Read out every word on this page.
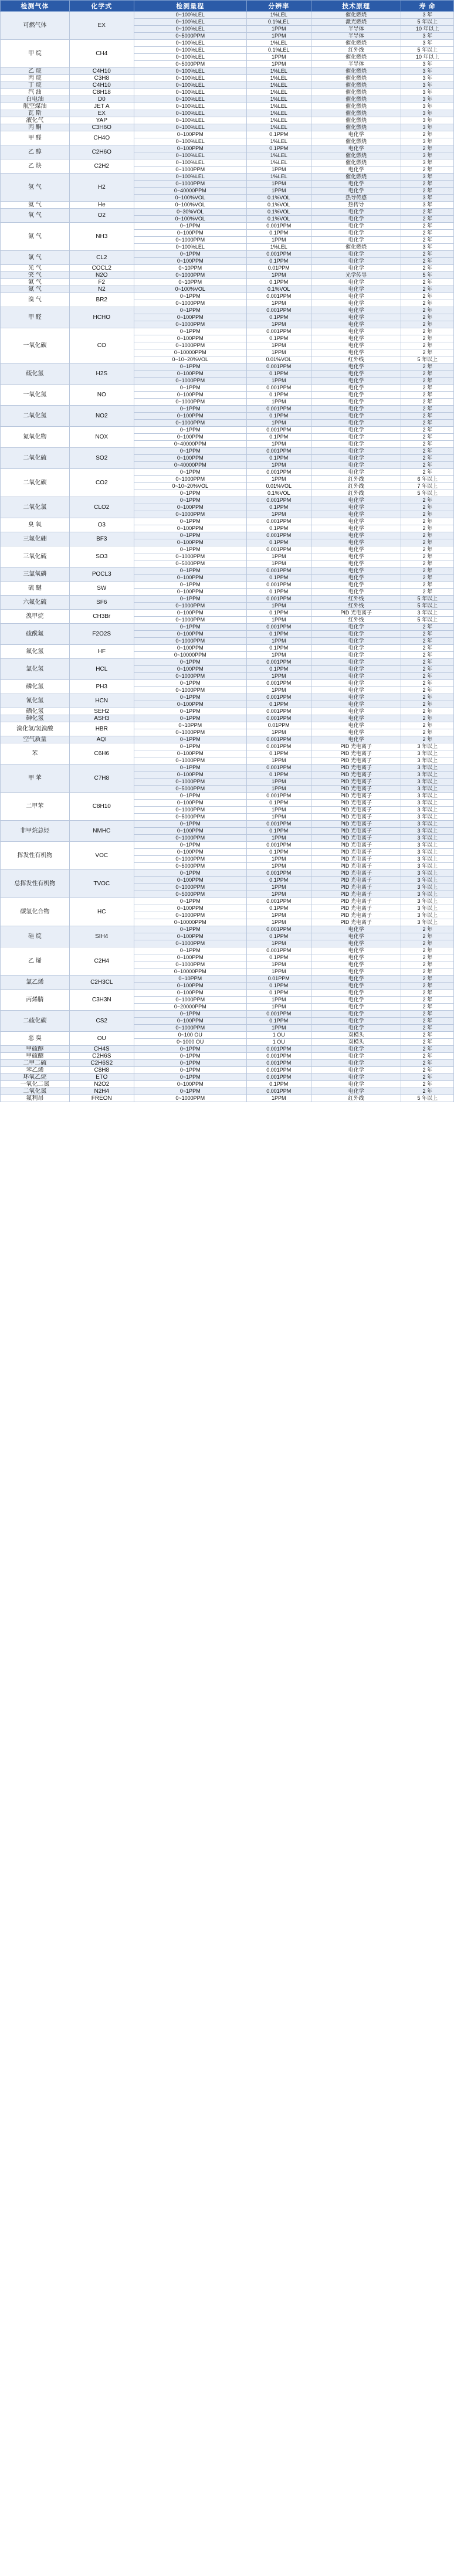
检测气体	化学式	检测量程	分辨率	技术原理	寿 命
可燃气体	EX	0~100%LEL	1%LEL	催化燃烧	3 年
		0~100%LEL	0.1%LEL	激光燃烧	5 年以上
		0~100%LEL	1PPM	半导体	10 年以上
		0~5000PPM	1PPM	半导体	3 年
甲 烷	CH4	0~100%LEL	1%LEL	催化燃烧	3 年
		0~100%LEL	0.1%LEL	红外线	5 年以上
		0~100%LEL	1PPM	催化燃烧	10 年以上
		0~5000PPM	1PPM	半导体	3 年
乙 烷	C4H10	0~100%LEL	1%LEL	催化燃烧	3 年
丙 烷	C3H8	0~100%LEL	1%LEL	催化燃烧	3 年
丁 烷	C4H10	0~100%LEL	1%LEL	催化燃烧	3 年
汽 油	C8H18	0~100%LEL	1%LEL	催化燃烧	3 年
白电油	D0	0~100%LEL	1%LEL	催化燃烧	3 年
航空煤油	JET A	0~100%LEL	1%LEL	催化燃烧	3 年
瓦 斯	EX	0~100%LEL	1%LEL	催化燃烧	3 年
液化气	YAP	0~100%LEL	1%LEL	催化燃烧	3 年
丙 酮	C3H6O	0~100%LEL	1%LEL	催化燃烧	3 年
甲 醛	CH4O	0~100PPM	0.1PPM	电化学	2 年
		0~100%LEL	1%LEL	催化燃烧	3 年
乙 醇	C2H6O	0~100PPM	0.1PPM	电化学	2 年
		0~100%LEL	1%LEL	催化燃烧	3 年
乙 炔	C2H2	0~100%LEL	1%LEL	催化燃烧	3 年
		0~1000PPM	1PPM	电化学	2 年
氢 气	H2	0~100%LEL	1%LEL	催化燃烧	3 年
		0~1000PPM	1PPM	电化学	2 年
		0~40000PPM	1PPM	电化学	2 年
		0~100%VOL	0.1%VOL	热导传感	3 年
氦 气	He	0~100%VOL	0.1%VOL	热传导	3 年
氧 气	O2	0~30%VOL	0.1%VOL	电化学	2 年
		0~100%VOL	0.1%VOL	电化学	2 年
氨 气	NH3	0~1PPM	0.001PPM	电化学	2 年
		0~100PPM	0.1PPM	电化学	2 年
		0~1000PPM	1PPM	电化学	2 年
		0~100%LEL	1%LEL	催化燃烧	3 年
氯 气	CL2	0~1PPM	0.001PPM	电化学	2 年
		0~100PPM	0.1PPM	电化学	2 年
光 气	COCL2	0~10PPM	0.01PPM	电化学	2 年
笑 气	N2O	0~1000PPM	1PPM	光学传导	5 年
氟 气	F2	0~10PPM	0.1PPM	电化学	2 年
氮 气	N2	0~100%VOL	0.1%VOL	电化学	2 年
溴 气	BR2	0~1PPM	0.001PPM	电化学	2 年
		0~1000PPM	1PPM	电化学	2 年
甲 醛	HCHO	0~1PPM	0.001PPM	电化学	2 年
		0~100PPM	0.1PPM	电化学	2 年
		0~1000PPM	1PPM	电化学	2 年
一氧化碳	CO	0~1PPM	0.001PPM	电化学	2 年
		0~100PPM	0.1PPM	电化学	2 年
		0~1000PPM	1PPM	电化学	2 年
		0~10000PPM	1PPM	电化学	2 年
		0~10~20%VOL	0.01%VOL	红外线	5 年以上
硫化氢	H2S	0~1PPM	0.001PPM	电化学	2 年
		0~100PPM	0.1PPM	电化学	2 年
		0~1000PPM	1PPM	电化学	2 年
一氧化氮	NO	0~1PPM	0.001PPM	电化学	2 年
		0~100PPM	0.1PPM	电化学	2 年
		0~1000PPM	1PPM	电化学	2 年
二氧化氮	NO2	0~1PPM	0.001PPM	电化学	2 年
		0~100PPM	0.1PPM	电化学	2 年
		0~1000PPM	1PPM	电化学	2 年
氮氧化物	NOX	0~1PPM	0.001PPM	电化学	2 年
		0~100PPM	0.1PPM	电化学	2 年
		0~40000PPM	1PPM	电化学	2 年
二氧化硫	SO2	0~1PPM	0.001PPM	电化学	2 年
		0~100PPM	0.1PPM	电化学	2 年
		0~40000PPM	1PPM	电化学	2 年
二氧化碳	CO2	0~1PPM	0.001PPM	电化学	2 年
		0~1000PPM	1PPM	红外线	6 年以上
		0~10~20%VOL	0.01%VOL	红外线	7 年以上
		0~1PPM	0.1%VOL	红外线	5 年以上
二氧化氯	CLO2	0~1PPM	0.001PPM	电化学	2 年
		0~100PPM	0.1PPM	电化学	2 年
		0~1000PPM	1PPM	电化学	2 年
臭 氧	O3	0~1PPM	0.001PPM	电化学	2 年
		0~100PPM	0.1PPM	电化学	2 年
三氟化硼	BF3	0~1PPM	0.001PPM	电化学	2 年
		0~100PPM	0.1PPM	电化学	2 年
三氧化硫	SO3	0~1PPM	0.001PPM	电化学	2 年
		0~1000PPM	1PPM	电化学	2 年
		0~5000PPM	1PPM	电化学	2 年
三氯氧磷	POCL3	0~1PPM	0.001PPM	电化学	2 年
		0~100PPM	0.1PPM	电化学	2 年
硫 醚	SW	0~1PPM	0.001PPM	电化学	2 年
		0~100PPM	0.1PPM	电化学	2 年
六氟化硫	SF6	0~1PPM	0.001PPM	红外线	5 年以上
		0~1000PPM	1PPM	红外线	5 年以上
溴甲烷	CH3Br	0~100PPM	0.1PPM	PID 光电离子	3 年以上
		0~1000PPM	1PPM	红外线	5 年以上
硫酰氟	F2O2S	0~1PPM	0.001PPM	电化学	2 年
		0~100PPM	0.1PPM	电化学	2 年
		0~1000PPM	1PPM	电化学	2 年
氟化氢	HF	0~100PPM	0.1PPM	电化学	2 年
		0~10000PPM	1PPM	电化学	2 年
氯化氢	HCL	0~1PPM	0.001PPM	电化学	2 年
		0~100PPM	0.1PPM	电化学	2 年
		0~1000PPM	1PPM	电化学	2 年
磷化氢	PH3	0~1PPM	0.001PPM	电化学	2 年
		0~1000PPM	1PPM	电化学	2 年
氰化氢	HCN	0~1PPM	0.001PPM	电化学	2 年
		0~100PPM	0.1PPM	电化学	2 年
硒化氢	SEH2	0~1PPM	0.001PPM	电化学	2 年
砷化氢	ASH3	0~1PPM	0.001PPM	电化学	2 年
溴化氢/氢溴酸	HBR	0~10PPM	0.01PPM	电化学	2 年
		0~1000PPM	1PPM	电化学	2 年
空气质量	AQI	0~1PPM	0.001PPM	电化学	2 年
苯	C6H6	0~1PPM	0.001PPM	PID 光电离子	3 年以上
		0~100PPM	0.1PPM	PID 光电离子	3 年以上
		0~1000PPM	1PPM	PID 光电离子	3 年以上
甲 苯	C7H8	0~1PPM	0.001PPM	PID 光电离子	3 年以上
		0~100PPM	0.1PPM	PID 光电离子	3 年以上
		0~1000PPM	1PPM	PID 光电离子	3 年以上
		0~5000PPM	1PPM	PID 光电离子	3 年以上
二甲苯	C8H10	0~1PPM	0.001PPM	PID 光电离子	3 年以上
		0~100PPM	0.1PPM	PID 光电离子	3 年以上
		0~1000PPM	1PPM	PID 光电离子	3 年以上
		0~5000PPM	1PPM	PID 光电离子	3 年以上
非甲烷总烃	NMHC	0~1PPM	0.001PPM	PID 光电离子	3 年以上
		0~100PPM	0.1PPM	PID 光电离子	3 年以上
		0~1000PPM	1PPM	PID 光电离子	3 年以上
挥发性有机物	VOC	0~1PPM	0.001PPM	PID 光电离子	3 年以上
		0~100PPM	0.1PPM	PID 光电离子	3 年以上
		0~1000PPM	1PPM	PID 光电离子	3 年以上
		0~5000PPM	1PPM	PID 光电离子	3 年以上
总挥发性有机物	TVOC	0~1PPM	0.001PPM	PID 光电离子	3 年以上
		0~100PPM	0.1PPM	PID 光电离子	3 年以上
		0~1000PPM	1PPM	PID 光电离子	3 年以上
		0~5000PPM	1PPM	PID 光电离子	3 年以上
碳氢化合物	HC	0~1PPM	0.001PPM	PID 光电离子	3 年以上
		0~100PPM	0.1PPM	PID 光电离子	3 年以上
		0~1000PPM	1PPM	PID 光电离子	3 年以上
		0~10000PPM	1PPM	PID 光电离子	3 年以上
硅 烷	SIH4	0~1PPM	0.001PPM	电化学	2 年
		0~100PPM	0.1PPM	电化学	2 年
		0~1000PPM	1PPM	电化学	2 年
乙 烯	C2H4	0~1PPM	0.001PPM	电化学	2 年
		0~100PPM	0.1PPM	电化学	2 年
		0~1000PPM	1PPM	电化学	2 年
		0~10000PPM	1PPM	电化学	2 年
氯乙烯	C2H3CL	0~10PPM	0.01PPM	电化学	2 年
		0~100PPM	0.1PPM	电化学	2 年
丙烯腈	C3H3N	0~100PPM	0.1PPM	电化学	2 年
		0~1000PPM	1PPM	电化学	2 年
		0~20000PPM	1PPM	电化学	2 年
二硫化碳	CS2	0~1PPM	0.001PPM	电化学	2 年
		0~100PPM	0.1PPM	电化学	2 年
		0~1000PPM	1PPM	电化学	2 年
恶 臭	OU	0~100 OU	1 OU	双模头	2 年
		0~1000 OU	1 OU	双模头	2 年
甲硫醇	CH4S	0~1PPM	0.001PPM	电化学	2 年
甲硫醚	C2H6S	0~1PPM	0.001PPM	电化学	2 年
二甲二硫	C2H6S2	0~1PPM	0.001PPM	电化学	2 年
苯乙烯	C8H8	0~1PPM	0.001PPM	电化学	2 年
环氧乙烷	ETO	0~1PPM	0.001PPM	电化学	2 年
一氧化二氮	N2O2	0~100PPM	0.1PPM	电化学	2 年
二氧化氮	N2H4	0~1PPM	0.001PPM	电化学	2 年
氟利昂	FREON	0~1000PPM	1PPM	红外线	5 年以上
